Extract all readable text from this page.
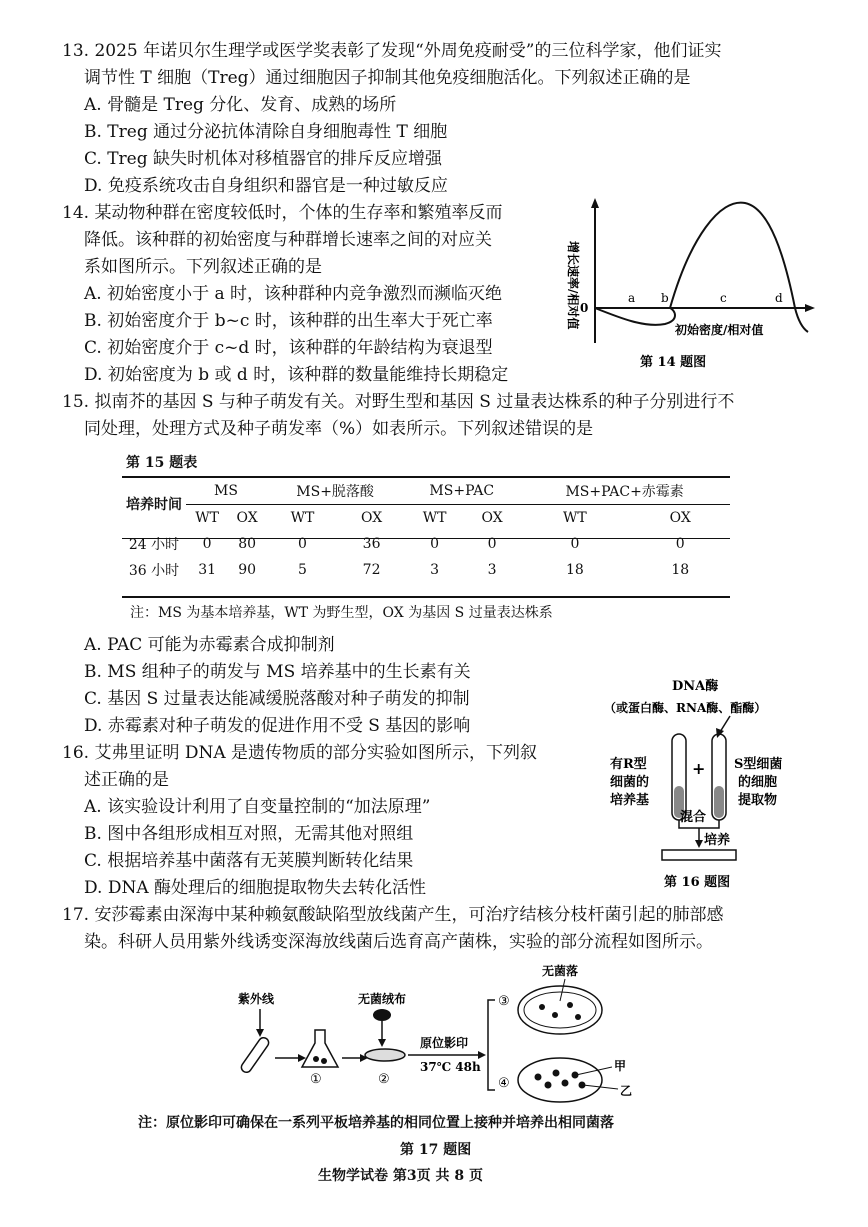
13. 2025 年诺贝尔生理学或医学奖表彰了发现“外周免疫耐受”的三位科学家，他们证实
调节性 T 细胞（Treg）通过细胞因子抑制其他免疫细胞活化。下列叙述正确的是
A. 骨髓是 Treg 分化、发育、成熟的场所
B. Treg 通过分泌抗体清除自身细胞毒性 T 细胞
C. Treg 缺失时机体对移植器官的排斥反应增强
D. 免疫系统攻击自身组织和器官是一种过敏反应
14. 某动物种群在密度较低时，个体的生存率和繁殖率反而
降低。该种群的初始密度与种群增长速率之间的对应关
系如图所示。下列叙述正确的是
A. 初始密度小于 a 时，该种群种内竞争激烈而濒临灭绝
B. 初始密度介于 b~c 时，该种群的出生率大于死亡率
C. 初始密度介于 c~d 时，该种群的年龄结构为衰退型
D. 初始密度为 b 或 d 时，该种群的数量能维持长期稳定
增长速率/相对值 0
a b	c	d
初始密度/相对值
第 14 题图
15. 拟南芥的基因 S 与种子萌发有关。对野生型和基因 S 过量表达株系的种子分别进行不
同处理，处理方式及种子萌发率（%）如表所示。下列叙述错误的是
第 15 题表
培养时间	MS		MS+脱落酸		MS+PAC		MS+PAC+赤霉素	
	WT	OX	WT	OX	WT	OX	WT	OX
24 小时	0	80	0	36	0	0	0	0
36 小时	31	90	5	72	3	3	18	18
注：MS 为基本培养基，WT 为野生型，OX 为基因 S 过量表达株系
A. PAC 可能为赤霉素合成抑制剂
B. MS 组种子的萌发与 MS 培养基中的生长素有关
C. 基因 S 过量表达能减缓脱落酸对种子萌发的抑制
D. 赤霉素对种子萌发的促进作用不受 S 基因的影响
16. 艾弗里证明 DNA 是遗传物质的部分实验如图所示，下列叙
述正确的是
A. 该实验设计利用了自变量控制的“加法原理”
B. 图中各组形成相互对照，无需其他对照组
C. 根据培养基中菌落有无荚膜判断转化结果
D. DNA 酶处理后的细胞提取物失去转化活性
DNA酶
（或蛋白酶、RNA酶、酯酶）
+
有R型
细菌的
培养基
S型细菌
的细胞
提取物
混合
培养
第 16 题图
17. 安莎霉素由深海中某种赖氨酸缺陷型放线菌产生，可治疗结核分枝杆菌引起的肺部感
染。科研人员用紫外线诱变深海放线菌后选育高产菌株，实验的部分流程如图所示。
紫外线
①
无菌绒布
②
原位影印
37℃ 48h
③
无菌落
④
甲
乙
注：原位影印可确保在一系列平板培养基的相同位置上接种并培养出相同菌落
第 17 题图
生物学试卷 第3页 共 8 页
